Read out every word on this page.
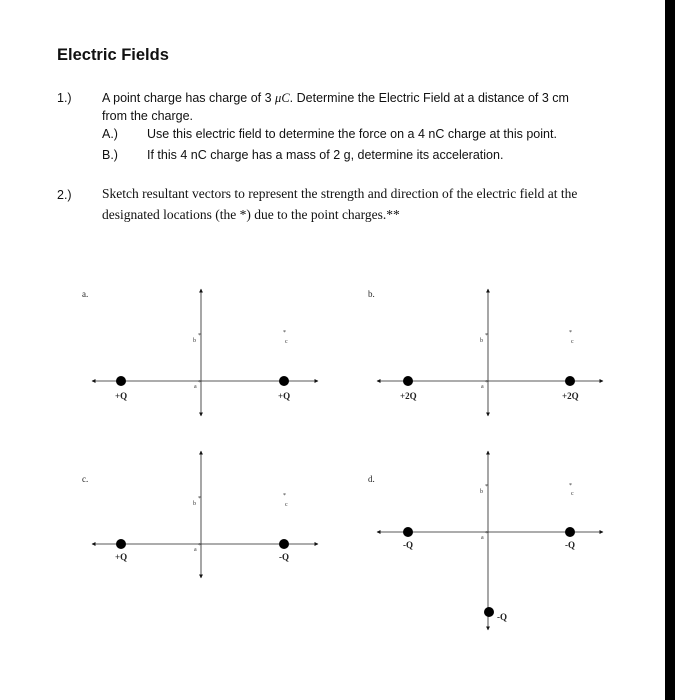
Electric Fields
1.) A point charge has charge of 3 μC. Determine the Electric Field at a distance of 3 cm
from the charge.
A.) Use this electric field to determine the force on a 4 nC charge at this point.
B.) If this 4 nC charge has a mass of 2 g, determine its acceleration.
2.) Sketch resultant vectors to represent the strength and direction of the electric field at the
designated locations (the *) due to the point charges.**
a.
+Q	+Q
b
*
a
*
*
c
b.
+2Q	+2Q
b
*
a
*
*
c
c.
+Q	-Q
b
*
a
*
*
c
d.
-Q	-Q
-Q
b
*
a
*
*
c
